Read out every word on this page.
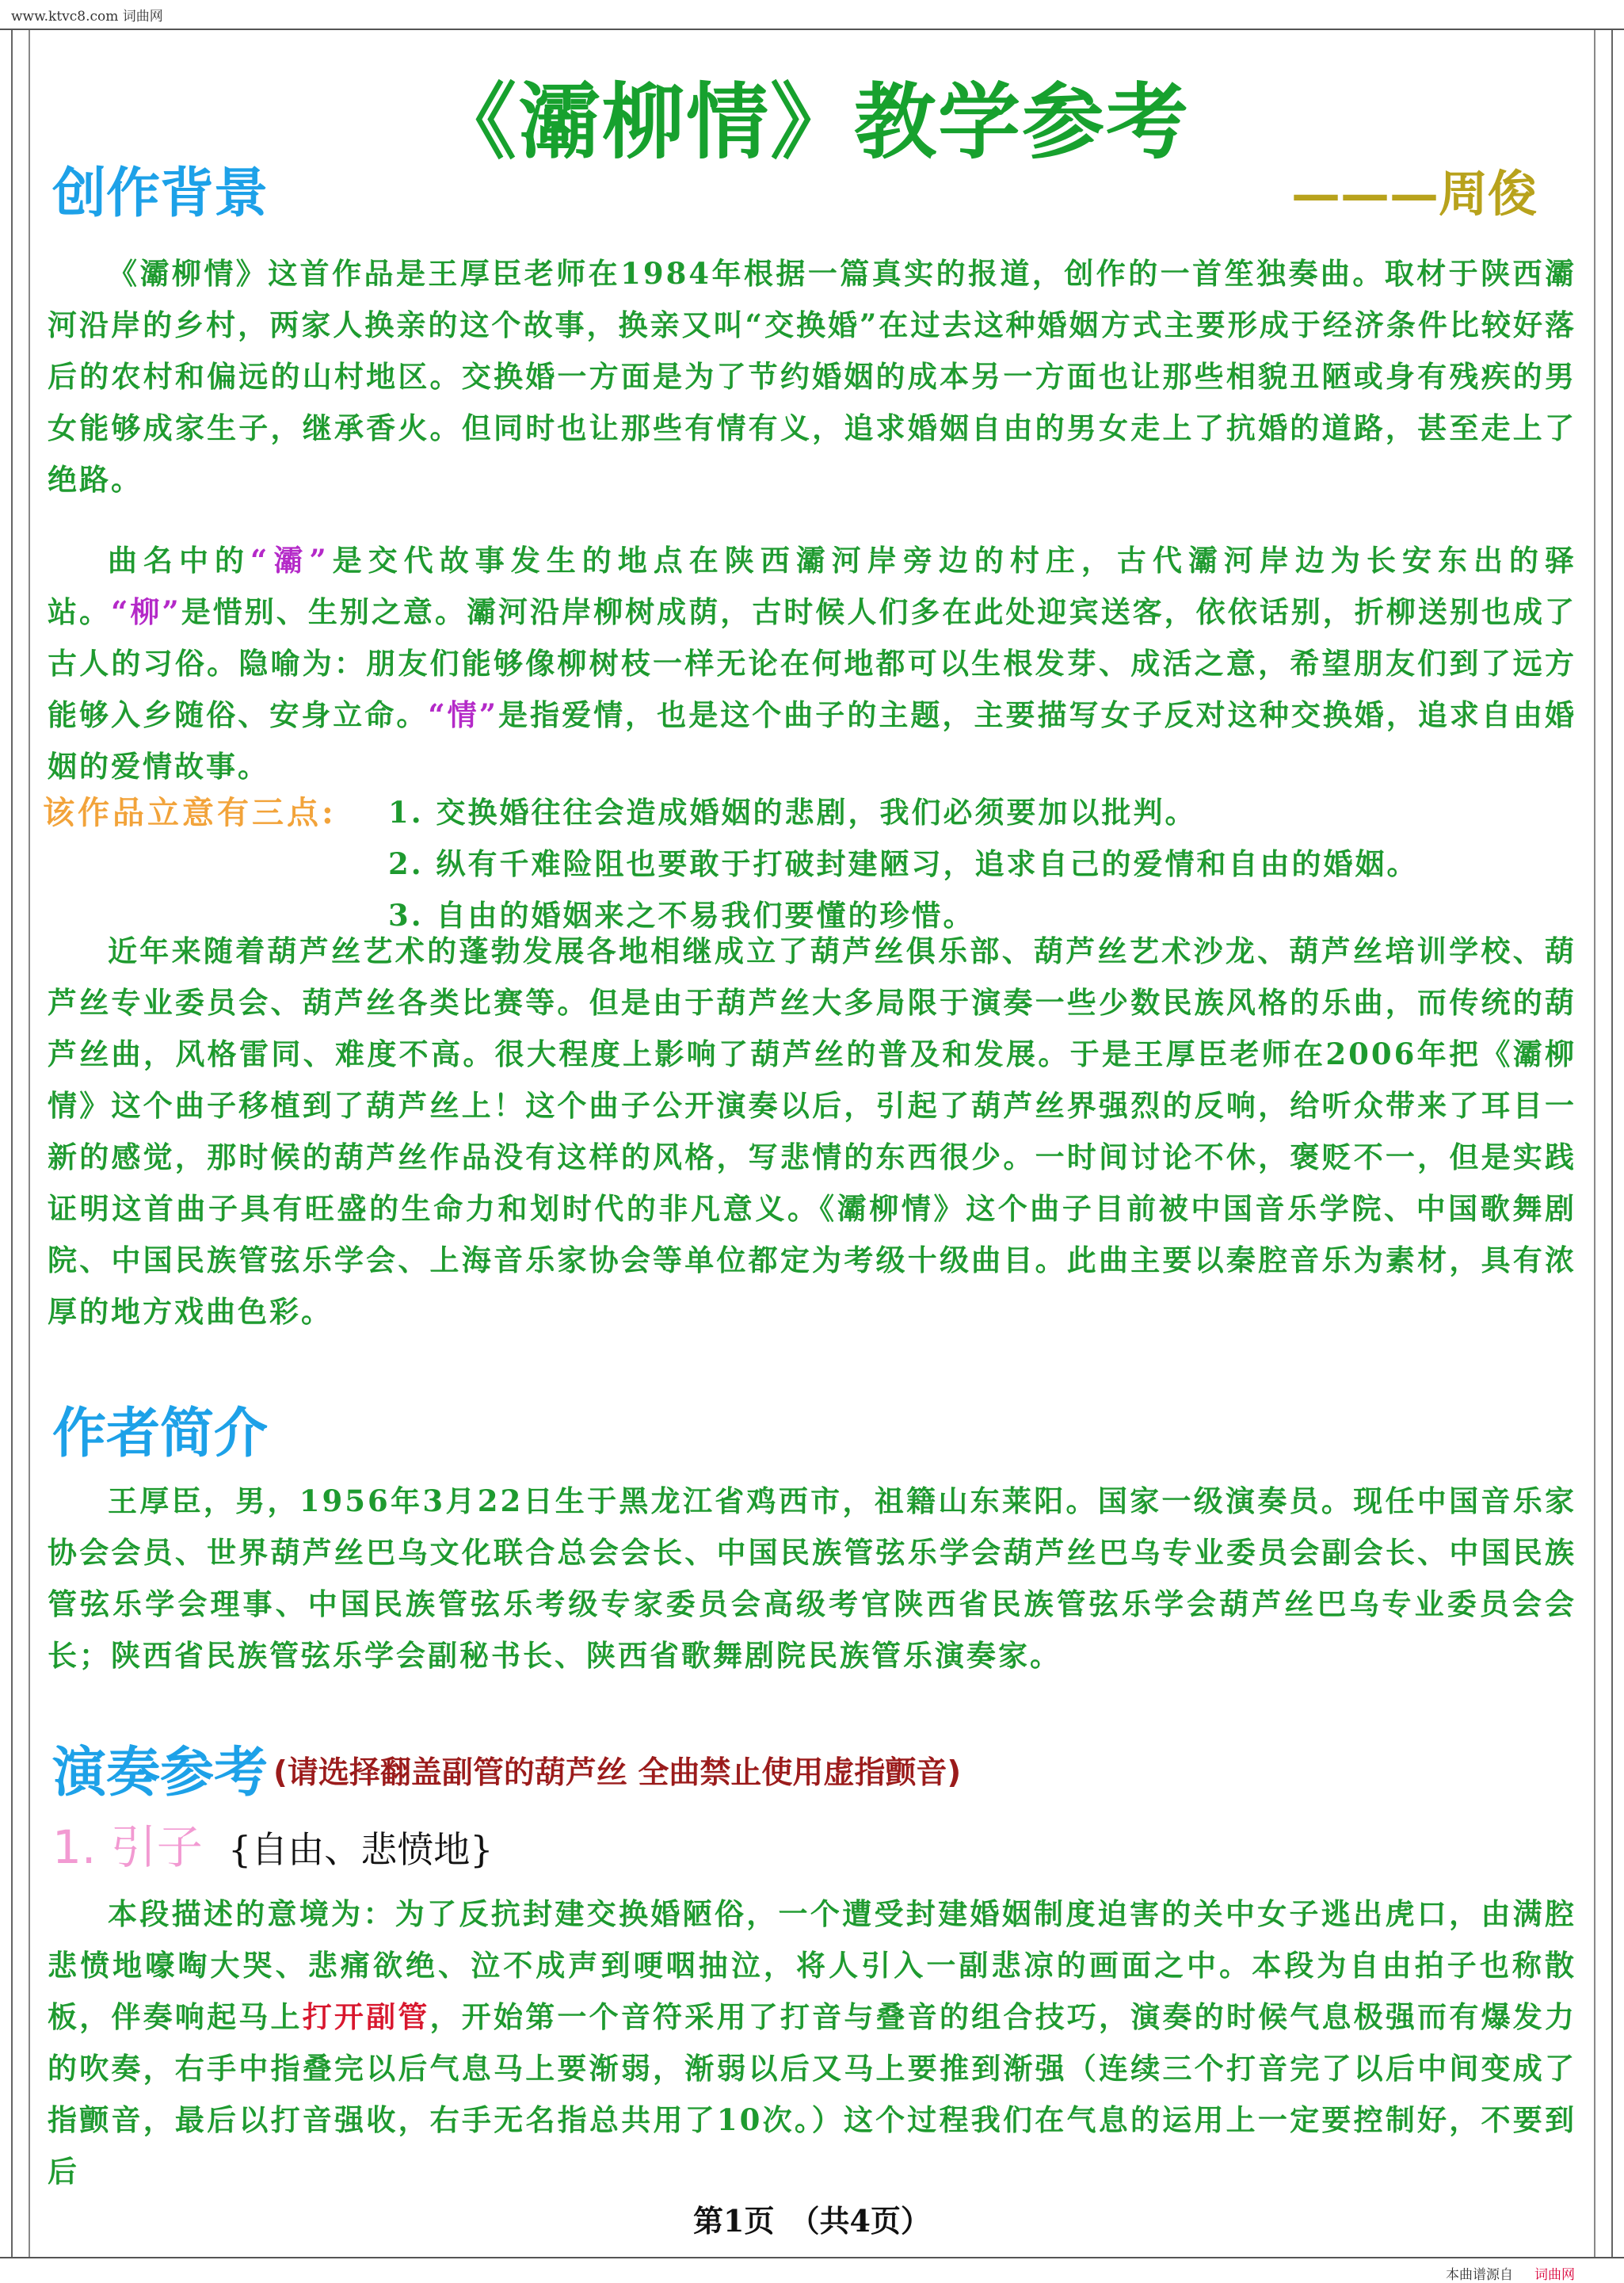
www.ktvc8.com 词曲网
《灞柳情》教学参考
创作背景	———周俊

《灞柳情》这首作品是王厚臣老师在1984年根据一篇真实的报道，创作的一首笙独奏曲。取材于陕西灞河沿岸的乡村，两家人换亲的这个故事，换亲又叫“交换婚”在过去这种婚姻方式主要形成于经济条件比较好落后的农村和偏远的山村地区。交换婚一方面是为了节约婚姻的成本另一方面也让那些相貌丑陋或身有残疾的男女能够成家生子，继承香火。但同时也让那些有情有义，追求婚姻自由的男女走上了抗婚的道路，甚至走上了绝路。

曲名中的“灞”是交代故事发生的地点在陕西灞河岸旁边的村庄，古代灞河岸边为长安东出的驿站。“柳”是惜别、生别之意。灞河沿岸柳树成荫，古时候人们多在此处迎宾送客，依依话别，折柳送别也成了古人的习俗。隐喻为：朋友们能够像柳树枝一样无论在何地都可以生根发芽、成活之意，希望朋友们到了远方能够入乡随俗、安身立命。“情”是指爱情，也是这个曲子的主题，主要描写女子反对这种交换婚，追求自由婚姻的爱情故事。

该作品立意有三点: 1. 交换婚往往会造成婚姻的悲剧，我们必须要加以批判。
2. 纵有千难险阻也要敢于打破封建陋习，追求自己的爱情和自由的婚姻。
3. 自由的婚姻来之不易我们要懂的珍惜。

近年来随着葫芦丝艺术的蓬勃发展各地相继成立了葫芦丝俱乐部、葫芦丝艺术沙龙、葫芦丝培训学校、葫芦丝专业委员会、葫芦丝各类比赛等。但是由于葫芦丝大多局限于演奏一些少数民族风格的乐曲，而传统的葫芦丝曲，风格雷同、难度不高。很大程度上影响了葫芦丝的普及和发展。于是王厚臣老师在2006年把《灞柳情》这个曲子移植到了葫芦丝上！这个曲子公开演奏以后，引起了葫芦丝界强烈的反响，给听众带来了耳目一新的感觉，那时候的葫芦丝作品没有这样的风格，写悲情的东西很少。一时间讨论不休，褒贬不一，但是实践证明这首曲子具有旺盛的生命力和划时代的非凡意义。《灞柳情》这个曲子目前被中国音乐学院、中国歌舞剧院、中国民族管弦乐学会、上海音乐家协会等单位都定为考级十级曲目。此曲主要以秦腔音乐为素材，具有浓厚的地方戏曲色彩。

作者简介

王厚臣，男，1956年3月22日生于黑龙江省鸡西市，祖籍山东莱阳。国家一级演奏员。现任中国音乐家协会会员、世界葫芦丝巴乌文化联合总会会长、中国民族管弦乐学会葫芦丝巴乌专业委员会副会长、中国民族管弦乐学会理事、中国民族管弦乐考级专家委员会高级考官陕西省民族管弦乐学会葫芦丝巴乌专业委员会会长；陕西省民族管弦乐学会副秘书长、陕西省歌舞剧院民族管乐演奏家。

演奏参考 (请选择翻盖副管的葫芦丝 全曲禁止使用虚指颤音)
1. 引子 {自由、悲愤地}

本段描述的意境为：为了反抗封建交换婚陋俗，一个遭受封建婚姻制度迫害的关中女子逃出虎口，由满腔悲愤地嚎啕大哭、悲痛欲绝、泣不成声到哽咽抽泣，将人引入一副悲凉的画面之中。本段为自由拍子也称散板，伴奏响起马上打开副管，开始第一个音符采用了打音与叠音的组合技巧，演奏的时候气息极强而有爆发力的吹奏，右手中指叠完以后气息马上要渐弱，渐弱以后又马上要推到渐强（连续三个打音完了以后中间变成了指颤音，最后以打音强收，右手无名指总共用了10次。）这个过程我们在气息的运用上一定要控制好，不要到后

第1页　（共4页）
本曲谱源自 词曲网
